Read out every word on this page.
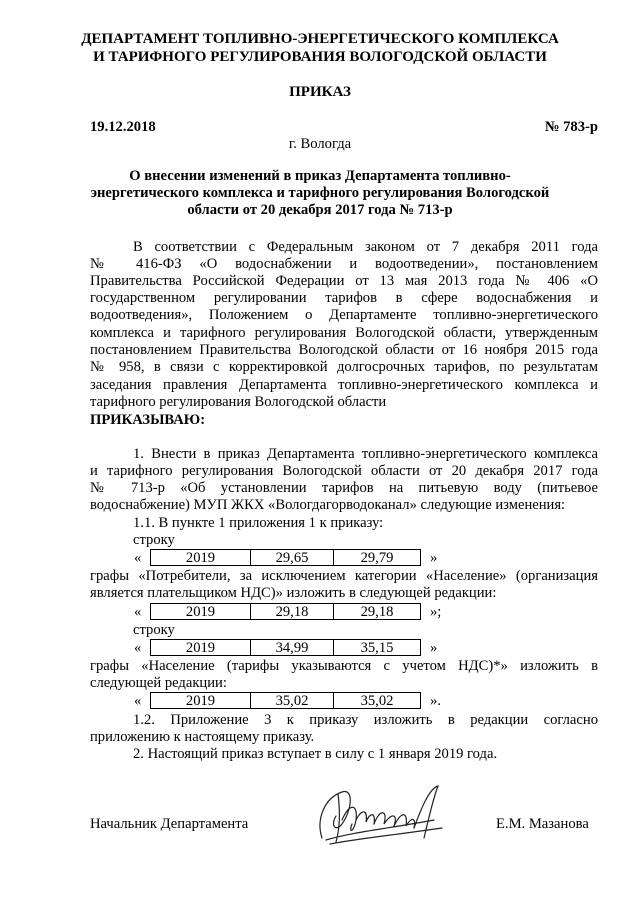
ДЕПАРТАМЕНТ ТОПЛИВНО-ЭНЕРГЕТИЧЕСКОГО КОМПЛЕКСА
И ТАРИФНОГО РЕГУЛИРОВАНИЯ ВОЛОГОДСКОЙ ОБЛАСТИ
ПРИКАЗ
19.12.2018	№ 783-р
г. Вологда
О внесении изменений в приказ Департамента топливно-
энергетического комплекса и тарифного регулирования Вологодской
области от 20 декабря 2017 года № 713-р
В соответствии с Федеральным законом от 7 декабря 2011 года
№ 416-ФЗ «О водоснабжении и водоотведении», постановлением
Правительства Российской Федерации от 13 мая 2013 года № 406 «О
государственном регулировании тарифов в сфере водоснабжения и
водоотведения», Положением о Департаменте топливно-энергетического
комплекса и тарифного регулирования Вологодской области, утвержденным
постановлением Правительства Вологодской области от 16 ноября 2015 года
№ 958, в связи с корректировкой долгосрочных тарифов, по результатам
заседания правления Департамента топливно-энергетического комплекса и
тарифного регулирования Вологодской области
ПРИКАЗЫВАЮ:
1. Внести в приказ Департамента топливно-энергетического комплекса
и тарифного регулирования Вологодской области от 20 декабря 2017 года
№ 713-р «Об установлении тарифов на питьевую воду (питьевое
водоснабжение) МУП ЖКХ «Вологдагорводоканал» следующие изменения:
1.1. В пункте 1 приложения 1 к приказу:
строку
«	2019	29,65	29,79	»
графы «Потребители, за исключением категории «Население» (организация
является плательщиком НДС)» изложить в следующей редакции:
«	2019	29,18	29,18	»;
строку
«	2019	34,99	35,15	»
графы «Население (тарифы указываются с учетом НДС)*» изложить в
следующей редакции:
«	2019	35,02	35,02	».
1.2. Приложение 3 к приказу изложить в редакции согласно
приложению к настоящему приказу.
2. Настоящий приказ вступает в силу с 1 января 2019 года.
Начальник Департамента	Е.М. Мазанова
